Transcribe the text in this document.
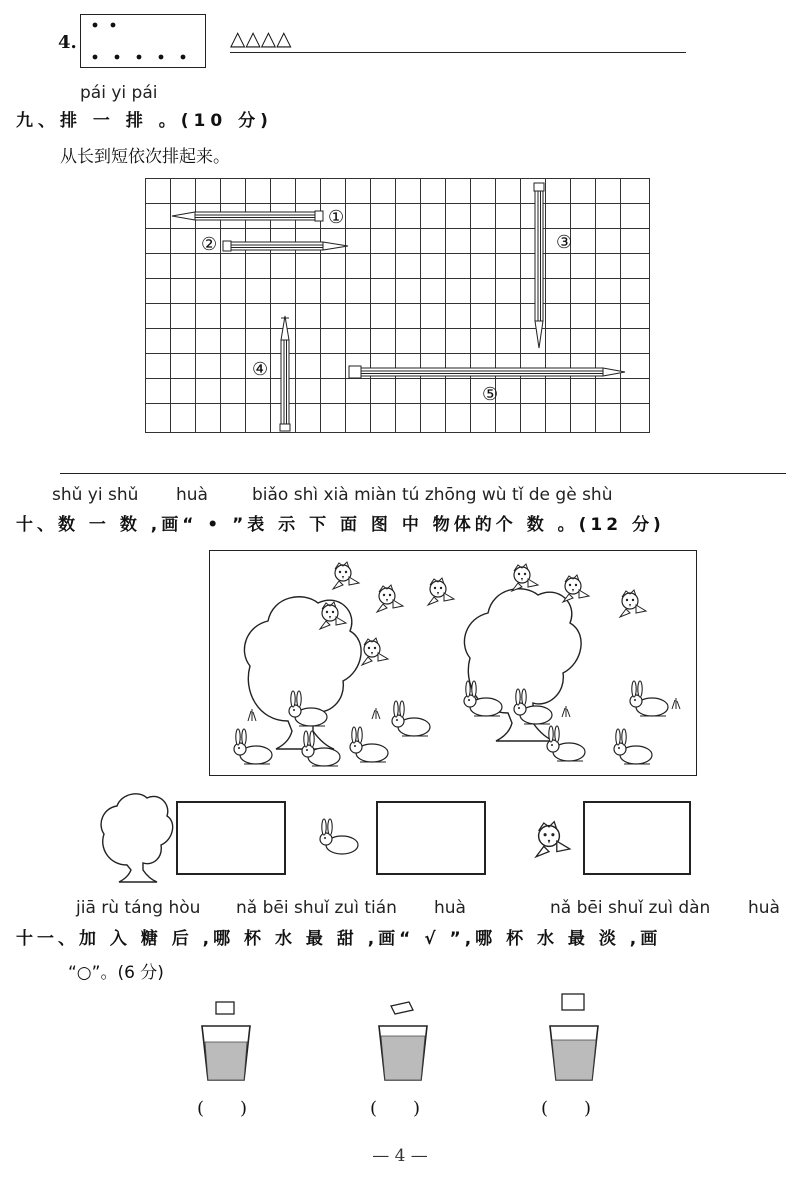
4.	△△△△
pái yi pái
九、排 一 排 。(10 分)
从长到短依次排起来。
①
②	③
④
⑤
shǔ yi shǔ huà	biǎo shì xià miàn tú zhōng wù tǐ de gè shù
十、数 一 数 ,画“ • ”表 示 下 面 图 中 物体的个 数 。(12 分)
jiā rù táng hòu nǎ bēi shuǐ zuì tián huà	nǎ bēi shuǐ zuì dàn huà
十一、加 入 糖 后 ,哪 杯 水 最 甜 ,画“ √ ”,哪 杯 水 最 淡 ,画
“○”。(6 分)
(　　)	(　　)	(　　)
— 4 —
